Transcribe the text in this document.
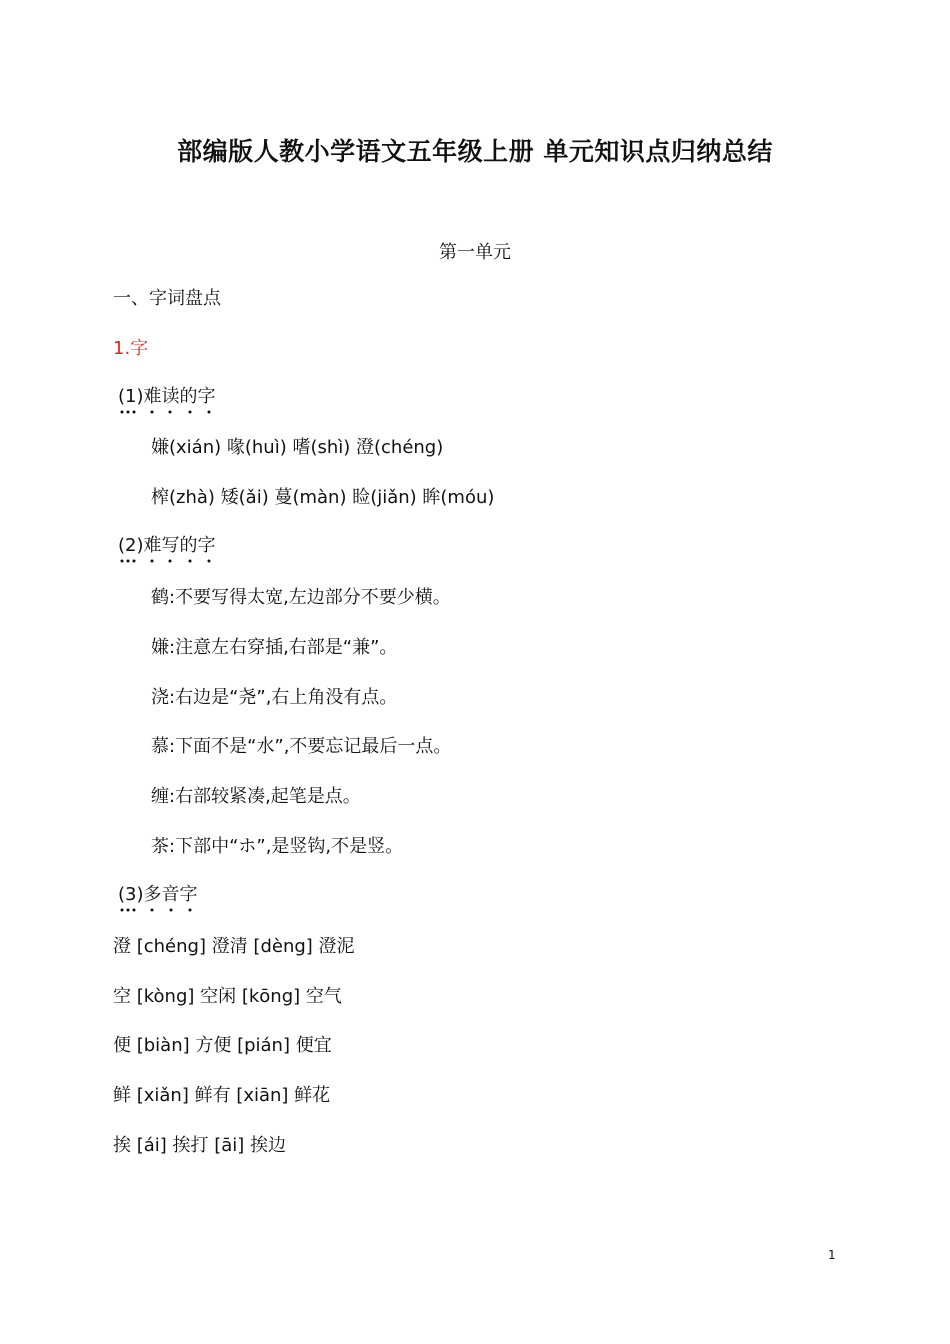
部编版人教小学语文五年级上册 单元知识点归纳总结
第一单元
一、字词盘点
1.字
(1)难读的字
嫌(xián) 喙(huì) 嗜(shì) 澄(chéng)
榨(zhà) 矮(ǎi) 蔓(màn) 睑(jiǎn) 眸(móu)
(2)难写的字
鹤:不要写得太宽,左边部分不要少横。
嫌:注意左右穿插,右部是“兼”。
浇:右边是“尧”,右上角没有点。
慕:下面不是“水”,不要忘记最后一点。
缠:右部较紧凑,起笔是点。
茶:下部中“ホ”,是竖钩,不是竖。
(3)多音字
澄 [chéng] 澄清 [dèng] 澄泥
空 [kòng] 空闲 [kōng] 空气
便 [biàn] 方便 [pián] 便宜
鲜 [xiǎn] 鲜有 [xiān] 鲜花
挨 [ái] 挨打 [āi] 挨边
1
